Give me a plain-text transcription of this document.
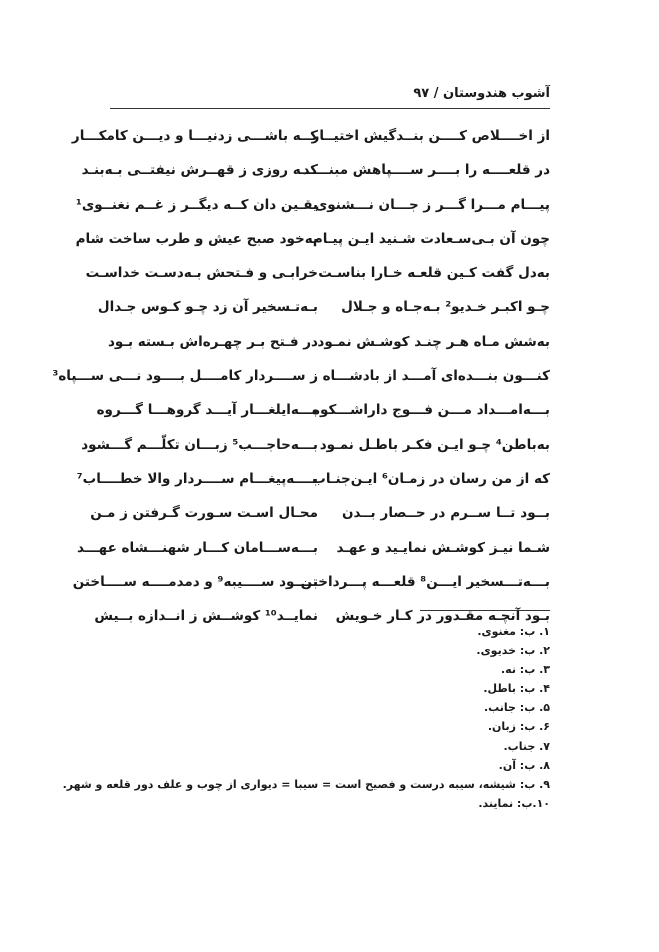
آشوب هندوستان / ۹۷
از اخــــلاص کــــن بنــدگیش اختیــار
کــه باشـــی زدنیـــا و دیـــن کامکـــار
در قلعــــه را بــــر ســــپاهش مبنــــد
کــه روزی ز قهــرش نیفتــی بـه‌بنـد
پیـــام مـــرا گـــر ز جـــان نـــشنوی
یقـین دان کــه دیگــر ز غــم نغنــوی¹
چون آن بـی‌سـعادت شـنید ایـن پیـام
به‌خود صبح عیش و طرب ساخت شام
به‌دل گفت کـین قلعـه خـارا بناسـت
خرابـی و فـتحش بـه‌دسـت خداسـت
چـو اکبـر خـدیو² بـه‌جـاه و جـلال
بـه‌تـسخیر آن زد چـو کـوس جـدال
به‌شش مـاه هـر چنـد کوشـش نمـود
در فـتح بـر چهـره‌اش بـسته بـود
کنـــون بنـــده‌ای آمـــد از بادشـــاه
ز ســــردار کامــــل بــــود نـــی ســـپاه³
بـــه‌امـــداد مـــن فـــوج داراشـــکوه
بـــه‌ایلغـــار آیـــد گروهـــا گـــروه
به‌باطن⁴ چـو ایـن فکـر باطـل نمـود
بـــه‌حاجـــب⁵ زبـــان تکلّـــم گـــشود
که از من رسان در زمـان⁶ ایـن‌جنـاب
بــــه‌پیغـــام ســــردار والا خطــــاب⁷
بــود تــا ســرم در حــصار بــدن
محـال اسـت سـورت گـرفتن ز مـن
شـما نیـز کوشـش نمایـید و عهـد
بـــه‌ســـامان کـــار شهنـــشاه عهـــد
بـــه‌تـــسخیر ایـــن⁸ قلعـــه پـــرداختن
بــــود ســــیبه⁹ و دمدمــــه ســــاختن
بـود آنچـه مقـدور در کـار خـویش
نمایــد¹⁰ کوشــش ز انــدازه بــیش
۱. ب: مغنوی.
۲. ب: خدیوی.
۳. ب: نه.
۴. ب: باطل.
۵. ب: جانب.
۶. ب: زبان.
۷. جناب.
۸. ب: آن.
۹. ب: شیشه، سیبه درست و فصیح است = سیبا = دیواری از چوب و علف دور قلعه و شهر.
۱۰.ب: نمایند.
